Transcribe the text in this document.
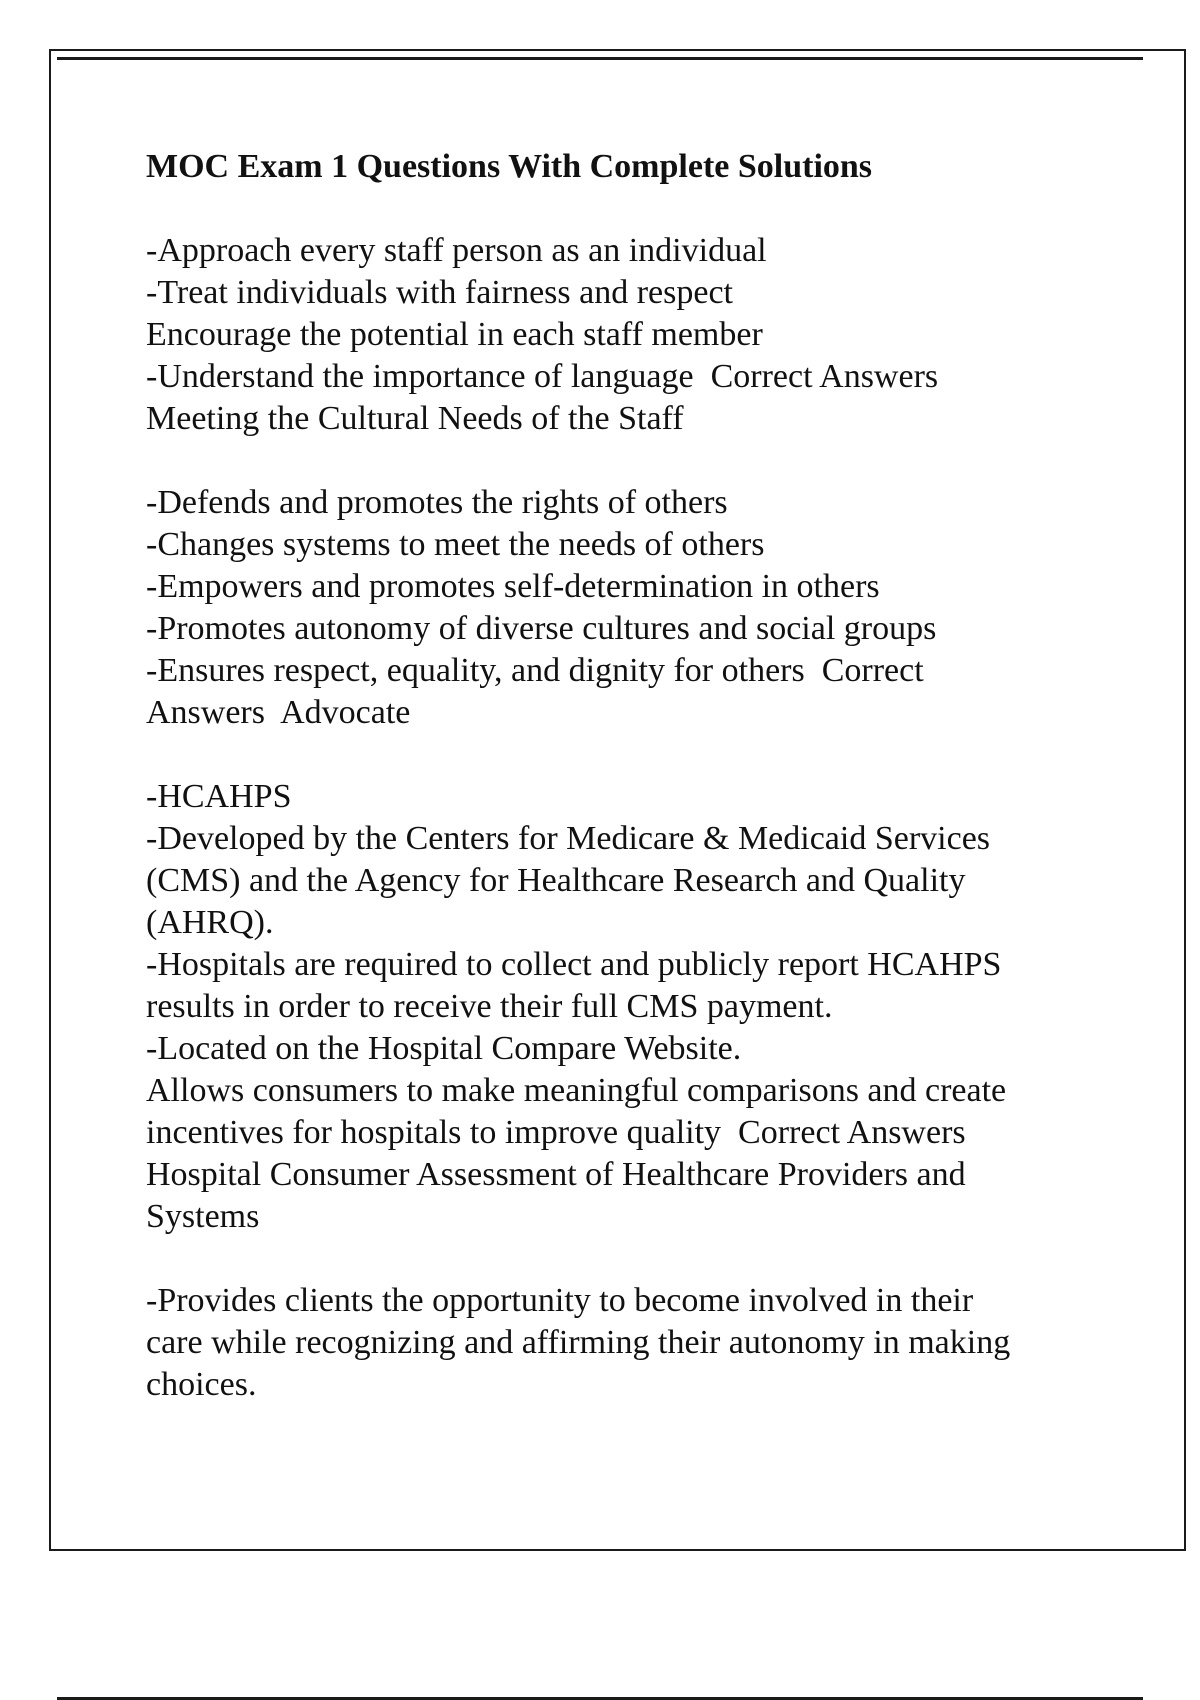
MOC Exam 1 Questions With Complete Solutions

-Approach every staff person as an individual

-Treat individuals with fairness and respect

Encourage the potential in each staff member

-Understand the importance of language  Correct Answers

Meeting the Cultural Needs of the Staff

-Defends and promotes the rights of others

-Changes systems to meet the needs of others

-Empowers and promotes self-determination in others

-Promotes autonomy of diverse cultures and social groups

-Ensures respect, equality, and dignity for others  Correct

Answers  Advocate

-HCAHPS

-Developed by the Centers for Medicare & Medicaid Services

(CMS) and the Agency for Healthcare Research and Quality

(AHRQ).

-Hospitals are required to collect and publicly report HCAHPS

results in order to receive their full CMS payment.

-Located on the Hospital Compare Website.

Allows consumers to make meaningful comparisons and create

incentives for hospitals to improve quality  Correct Answers

Hospital Consumer Assessment of Healthcare Providers and

Systems

-Provides clients the opportunity to become involved in their

care while recognizing and affirming their autonomy in making

choices.
